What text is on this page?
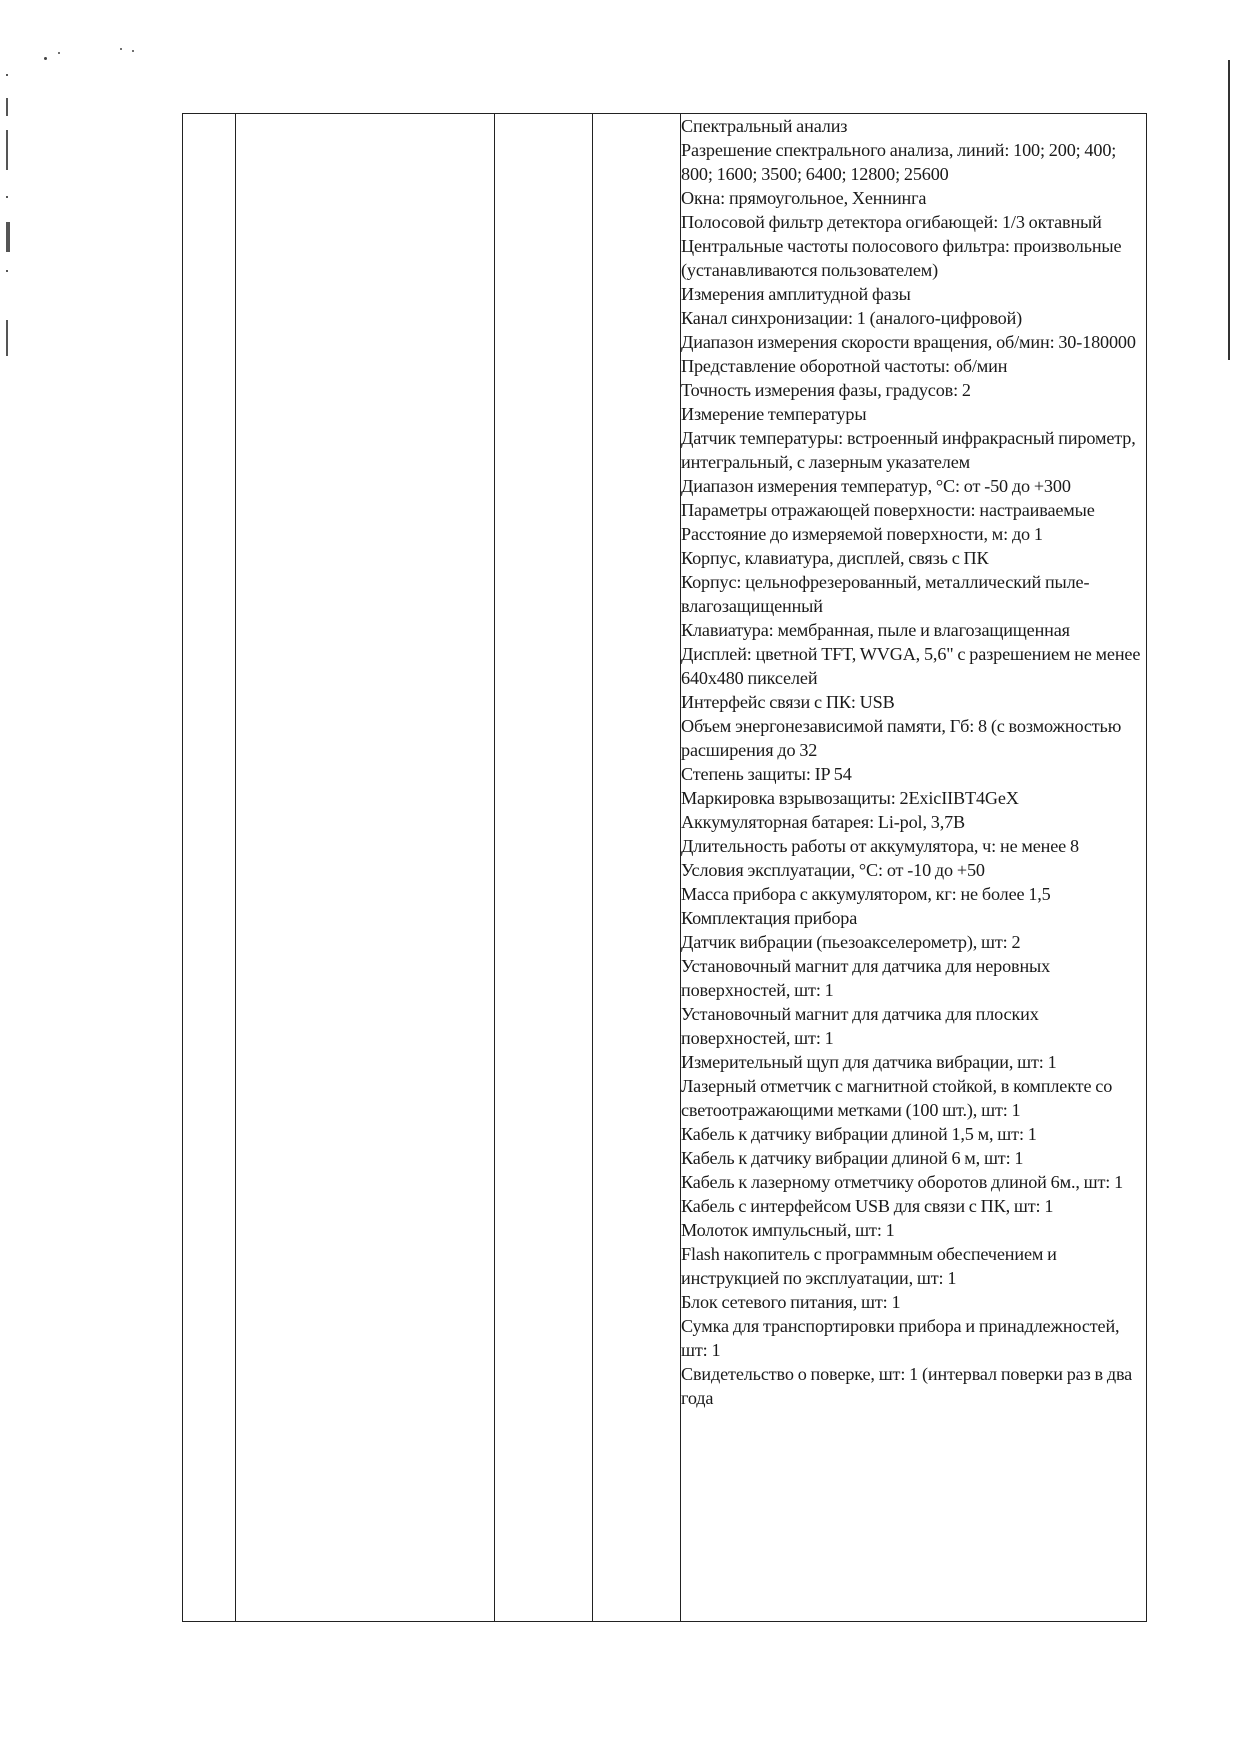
Спектральный анализ
Разрешение спектрального анализа, линий: 100; 200; 400; 800; 1600; 3500; 6400; 12800; 25600
Окна: прямоугольное, Хеннинга
Полосовой фильтр детектора огибающей: 1/3 октавный
Центральные частоты полосового фильтра: произвольные (устанавливаются пользователем)
Измерения амплитудной фазы
Канал синхронизации: 1 (аналого-цифровой)
Диапазон измерения скорости вращения, об/мин: 30-180000
Представление оборотной частоты: об/мин
Точность измерения фазы, градусов: 2
Измерение температуры
Датчик температуры: встроенный инфракрасный пирометр, интегральный, с лазерным указателем
Диапазон измерения температур, °С: от -50 до +300
Параметры отражающей поверхности: настраиваемые
Расстояние до измеряемой поверхности, м: до 1
Корпус, клавиатура, дисплей, связь с ПК
Корпус: цельнофрезерованный, металлический пыле-влагозащищенный
Клавиатура: мембранная, пыле и влагозащищенная
Дисплей: цветной TFT, WVGA, 5,6" с разрешением не менее 640х480 пикселей
Интерфейс связи с ПК: USB
Объем энергонезависимой памяти, Гб: 8 (с возможностью расширения до 32
Степень защиты: IP 54
Маркировка взрывозащиты: 2ExicIIBT4GeX
Аккумуляторная батарея: Li-pol, 3,7В
Длительность работы от аккумулятора, ч: не менее 8
Условия эксплуатации, °С: от -10 до +50
Масса прибора с аккумулятором, кг: не более 1,5
Комплектация прибора
Датчик вибрации (пьезоакселерометр), шт: 2
Установочный магнит для датчика для неровных поверхностей, шт: 1
Установочный магнит для датчика для плоских поверхностей, шт: 1
Измерительный щуп для датчика вибрации, шт: 1
Лазерный отметчик с магнитной стойкой, в комплекте со светоотражающими метками (100 шт.), шт: 1
Кабель к датчику вибрации длиной 1,5 м, шт: 1
Кабель к датчику вибрации длиной 6 м, шт: 1
Кабель к лазерному отметчику оборотов длиной 6м., шт: 1
Кабель с интерфейсом USB для связи с ПК, шт: 1
Молоток импульсный, шт: 1
Flash накопитель с программным обеспечением и инструкцией по эксплуатации, шт: 1
Блок сетевого питания, шт: 1
Сумка для транспортировки прибора и принадлежностей, шт: 1
Свидетельство о поверке, шт: 1 (интервал поверки раз в два года
